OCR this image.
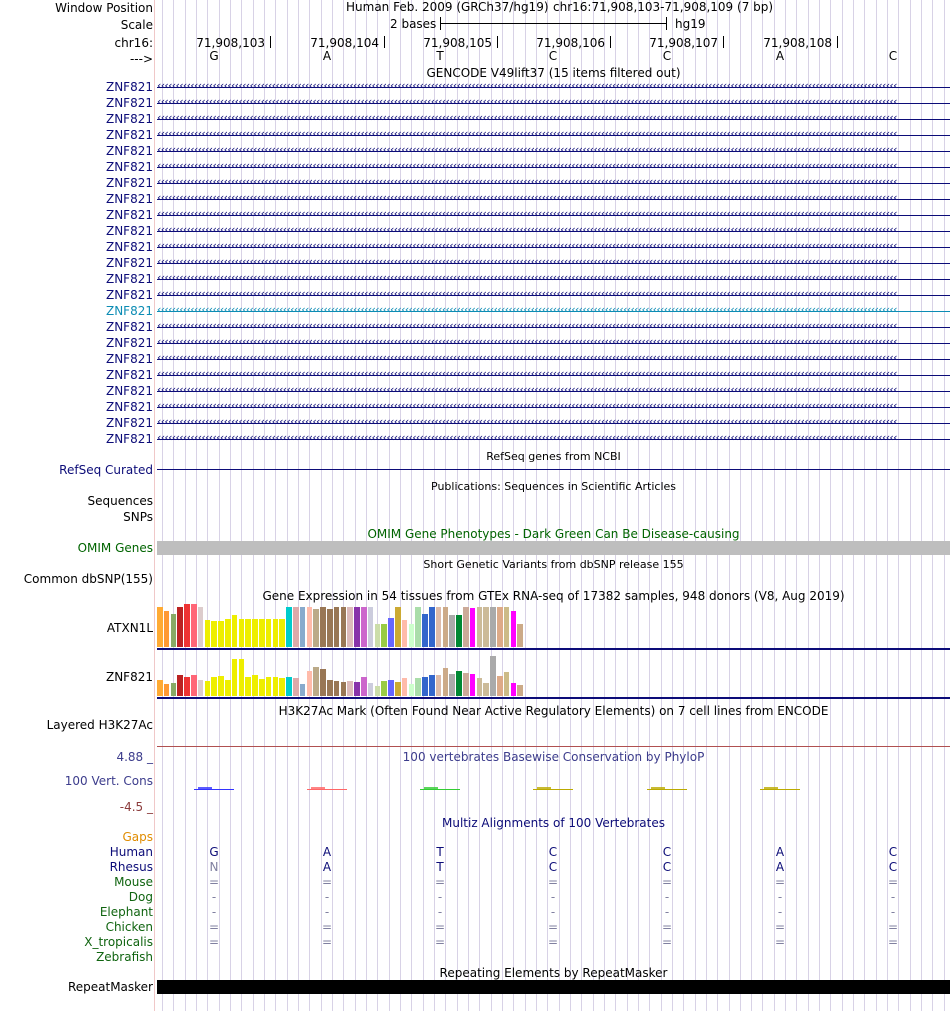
Window Position
Scale
chr16:
--->
Human Feb. 2009 (GRCh37/hg19) chr16:71,908,103-71,908,109 (7 bp)
2 bases	hg19
71,908,103	71,908,104	71,908,105	71,908,106	71,908,107	71,908,108
G	A	T	C	C	A	C
GENCODE V49lift37 (15 items filtered out)
ZNF821 ‹‹‹‹‹‹‹‹‹‹‹‹‹‹‹‹‹‹‹‹‹‹‹‹‹‹‹‹‹‹‹‹‹‹‹‹‹‹‹‹‹‹‹‹‹‹‹‹‹‹‹‹‹‹‹‹‹‹‹‹‹‹‹‹‹‹‹‹‹‹‹‹‹‹‹‹‹‹‹‹‹‹‹‹‹‹‹‹‹‹‹‹‹‹‹‹‹‹‹‹‹‹‹‹‹‹‹‹‹‹‹‹‹‹‹‹‹‹‹‹‹‹‹‹‹‹‹‹‹‹‹‹‹‹‹‹‹‹‹‹‹‹‹‹‹‹‹‹‹‹‹‹‹‹‹‹‹‹‹‹‹‹‹‹‹‹‹‹‹‹‹‹‹‹‹‹‹‹‹‹‹‹‹‹‹‹‹‹‹‹‹‹‹‹‹‹‹‹‹‹
ZNF821 ‹‹‹‹‹‹‹‹‹‹‹‹‹‹‹‹‹‹‹‹‹‹‹‹‹‹‹‹‹‹‹‹‹‹‹‹‹‹‹‹‹‹‹‹‹‹‹‹‹‹‹‹‹‹‹‹‹‹‹‹‹‹‹‹‹‹‹‹‹‹‹‹‹‹‹‹‹‹‹‹‹‹‹‹‹‹‹‹‹‹‹‹‹‹‹‹‹‹‹‹‹‹‹‹‹‹‹‹‹‹‹‹‹‹‹‹‹‹‹‹‹‹‹‹‹‹‹‹‹‹‹‹‹‹‹‹‹‹‹‹‹‹‹‹‹‹‹‹‹‹‹‹‹‹‹‹‹‹‹‹‹‹‹‹‹‹‹‹‹‹‹‹‹‹‹‹‹‹‹‹‹‹‹‹‹‹‹‹‹‹‹‹‹‹‹‹‹‹‹‹
ZNF821 ‹‹‹‹‹‹‹‹‹‹‹‹‹‹‹‹‹‹‹‹‹‹‹‹‹‹‹‹‹‹‹‹‹‹‹‹‹‹‹‹‹‹‹‹‹‹‹‹‹‹‹‹‹‹‹‹‹‹‹‹‹‹‹‹‹‹‹‹‹‹‹‹‹‹‹‹‹‹‹‹‹‹‹‹‹‹‹‹‹‹‹‹‹‹‹‹‹‹‹‹‹‹‹‹‹‹‹‹‹‹‹‹‹‹‹‹‹‹‹‹‹‹‹‹‹‹‹‹‹‹‹‹‹‹‹‹‹‹‹‹‹‹‹‹‹‹‹‹‹‹‹‹‹‹‹‹‹‹‹‹‹‹‹‹‹‹‹‹‹‹‹‹‹‹‹‹‹‹‹‹‹‹‹‹‹‹‹‹‹‹‹‹‹‹‹‹‹‹‹‹
ZNF821 ‹‹‹‹‹‹‹‹‹‹‹‹‹‹‹‹‹‹‹‹‹‹‹‹‹‹‹‹‹‹‹‹‹‹‹‹‹‹‹‹‹‹‹‹‹‹‹‹‹‹‹‹‹‹‹‹‹‹‹‹‹‹‹‹‹‹‹‹‹‹‹‹‹‹‹‹‹‹‹‹‹‹‹‹‹‹‹‹‹‹‹‹‹‹‹‹‹‹‹‹‹‹‹‹‹‹‹‹‹‹‹‹‹‹‹‹‹‹‹‹‹‹‹‹‹‹‹‹‹‹‹‹‹‹‹‹‹‹‹‹‹‹‹‹‹‹‹‹‹‹‹‹‹‹‹‹‹‹‹‹‹‹‹‹‹‹‹‹‹‹‹‹‹‹‹‹‹‹‹‹‹‹‹‹‹‹‹‹‹‹‹‹‹‹‹‹‹‹‹‹
ZNF821 ‹‹‹‹‹‹‹‹‹‹‹‹‹‹‹‹‹‹‹‹‹‹‹‹‹‹‹‹‹‹‹‹‹‹‹‹‹‹‹‹‹‹‹‹‹‹‹‹‹‹‹‹‹‹‹‹‹‹‹‹‹‹‹‹‹‹‹‹‹‹‹‹‹‹‹‹‹‹‹‹‹‹‹‹‹‹‹‹‹‹‹‹‹‹‹‹‹‹‹‹‹‹‹‹‹‹‹‹‹‹‹‹‹‹‹‹‹‹‹‹‹‹‹‹‹‹‹‹‹‹‹‹‹‹‹‹‹‹‹‹‹‹‹‹‹‹‹‹‹‹‹‹‹‹‹‹‹‹‹‹‹‹‹‹‹‹‹‹‹‹‹‹‹‹‹‹‹‹‹‹‹‹‹‹‹‹‹‹‹‹‹‹‹‹‹‹‹‹‹‹
ZNF821 ‹‹‹‹‹‹‹‹‹‹‹‹‹‹‹‹‹‹‹‹‹‹‹‹‹‹‹‹‹‹‹‹‹‹‹‹‹‹‹‹‹‹‹‹‹‹‹‹‹‹‹‹‹‹‹‹‹‹‹‹‹‹‹‹‹‹‹‹‹‹‹‹‹‹‹‹‹‹‹‹‹‹‹‹‹‹‹‹‹‹‹‹‹‹‹‹‹‹‹‹‹‹‹‹‹‹‹‹‹‹‹‹‹‹‹‹‹‹‹‹‹‹‹‹‹‹‹‹‹‹‹‹‹‹‹‹‹‹‹‹‹‹‹‹‹‹‹‹‹‹‹‹‹‹‹‹‹‹‹‹‹‹‹‹‹‹‹‹‹‹‹‹‹‹‹‹‹‹‹‹‹‹‹‹‹‹‹‹‹‹‹‹‹‹‹‹‹‹‹‹
ZNF821 ‹‹‹‹‹‹‹‹‹‹‹‹‹‹‹‹‹‹‹‹‹‹‹‹‹‹‹‹‹‹‹‹‹‹‹‹‹‹‹‹‹‹‹‹‹‹‹‹‹‹‹‹‹‹‹‹‹‹‹‹‹‹‹‹‹‹‹‹‹‹‹‹‹‹‹‹‹‹‹‹‹‹‹‹‹‹‹‹‹‹‹‹‹‹‹‹‹‹‹‹‹‹‹‹‹‹‹‹‹‹‹‹‹‹‹‹‹‹‹‹‹‹‹‹‹‹‹‹‹‹‹‹‹‹‹‹‹‹‹‹‹‹‹‹‹‹‹‹‹‹‹‹‹‹‹‹‹‹‹‹‹‹‹‹‹‹‹‹‹‹‹‹‹‹‹‹‹‹‹‹‹‹‹‹‹‹‹‹‹‹‹‹‹‹‹‹‹‹‹‹
ZNF821 ‹‹‹‹‹‹‹‹‹‹‹‹‹‹‹‹‹‹‹‹‹‹‹‹‹‹‹‹‹‹‹‹‹‹‹‹‹‹‹‹‹‹‹‹‹‹‹‹‹‹‹‹‹‹‹‹‹‹‹‹‹‹‹‹‹‹‹‹‹‹‹‹‹‹‹‹‹‹‹‹‹‹‹‹‹‹‹‹‹‹‹‹‹‹‹‹‹‹‹‹‹‹‹‹‹‹‹‹‹‹‹‹‹‹‹‹‹‹‹‹‹‹‹‹‹‹‹‹‹‹‹‹‹‹‹‹‹‹‹‹‹‹‹‹‹‹‹‹‹‹‹‹‹‹‹‹‹‹‹‹‹‹‹‹‹‹‹‹‹‹‹‹‹‹‹‹‹‹‹‹‹‹‹‹‹‹‹‹‹‹‹‹‹‹‹‹‹‹‹‹
ZNF821 ‹‹‹‹‹‹‹‹‹‹‹‹‹‹‹‹‹‹‹‹‹‹‹‹‹‹‹‹‹‹‹‹‹‹‹‹‹‹‹‹‹‹‹‹‹‹‹‹‹‹‹‹‹‹‹‹‹‹‹‹‹‹‹‹‹‹‹‹‹‹‹‹‹‹‹‹‹‹‹‹‹‹‹‹‹‹‹‹‹‹‹‹‹‹‹‹‹‹‹‹‹‹‹‹‹‹‹‹‹‹‹‹‹‹‹‹‹‹‹‹‹‹‹‹‹‹‹‹‹‹‹‹‹‹‹‹‹‹‹‹‹‹‹‹‹‹‹‹‹‹‹‹‹‹‹‹‹‹‹‹‹‹‹‹‹‹‹‹‹‹‹‹‹‹‹‹‹‹‹‹‹‹‹‹‹‹‹‹‹‹‹‹‹‹‹‹‹‹‹‹
ZNF821 ‹‹‹‹‹‹‹‹‹‹‹‹‹‹‹‹‹‹‹‹‹‹‹‹‹‹‹‹‹‹‹‹‹‹‹‹‹‹‹‹‹‹‹‹‹‹‹‹‹‹‹‹‹‹‹‹‹‹‹‹‹‹‹‹‹‹‹‹‹‹‹‹‹‹‹‹‹‹‹‹‹‹‹‹‹‹‹‹‹‹‹‹‹‹‹‹‹‹‹‹‹‹‹‹‹‹‹‹‹‹‹‹‹‹‹‹‹‹‹‹‹‹‹‹‹‹‹‹‹‹‹‹‹‹‹‹‹‹‹‹‹‹‹‹‹‹‹‹‹‹‹‹‹‹‹‹‹‹‹‹‹‹‹‹‹‹‹‹‹‹‹‹‹‹‹‹‹‹‹‹‹‹‹‹‹‹‹‹‹‹‹‹‹‹‹‹‹‹‹‹
ZNF821 ‹‹‹‹‹‹‹‹‹‹‹‹‹‹‹‹‹‹‹‹‹‹‹‹‹‹‹‹‹‹‹‹‹‹‹‹‹‹‹‹‹‹‹‹‹‹‹‹‹‹‹‹‹‹‹‹‹‹‹‹‹‹‹‹‹‹‹‹‹‹‹‹‹‹‹‹‹‹‹‹‹‹‹‹‹‹‹‹‹‹‹‹‹‹‹‹‹‹‹‹‹‹‹‹‹‹‹‹‹‹‹‹‹‹‹‹‹‹‹‹‹‹‹‹‹‹‹‹‹‹‹‹‹‹‹‹‹‹‹‹‹‹‹‹‹‹‹‹‹‹‹‹‹‹‹‹‹‹‹‹‹‹‹‹‹‹‹‹‹‹‹‹‹‹‹‹‹‹‹‹‹‹‹‹‹‹‹‹‹‹‹‹‹‹‹‹‹‹‹‹
ZNF821 ‹‹‹‹‹‹‹‹‹‹‹‹‹‹‹‹‹‹‹‹‹‹‹‹‹‹‹‹‹‹‹‹‹‹‹‹‹‹‹‹‹‹‹‹‹‹‹‹‹‹‹‹‹‹‹‹‹‹‹‹‹‹‹‹‹‹‹‹‹‹‹‹‹‹‹‹‹‹‹‹‹‹‹‹‹‹‹‹‹‹‹‹‹‹‹‹‹‹‹‹‹‹‹‹‹‹‹‹‹‹‹‹‹‹‹‹‹‹‹‹‹‹‹‹‹‹‹‹‹‹‹‹‹‹‹‹‹‹‹‹‹‹‹‹‹‹‹‹‹‹‹‹‹‹‹‹‹‹‹‹‹‹‹‹‹‹‹‹‹‹‹‹‹‹‹‹‹‹‹‹‹‹‹‹‹‹‹‹‹‹‹‹‹‹‹‹‹‹‹‹
ZNF821 ‹‹‹‹‹‹‹‹‹‹‹‹‹‹‹‹‹‹‹‹‹‹‹‹‹‹‹‹‹‹‹‹‹‹‹‹‹‹‹‹‹‹‹‹‹‹‹‹‹‹‹‹‹‹‹‹‹‹‹‹‹‹‹‹‹‹‹‹‹‹‹‹‹‹‹‹‹‹‹‹‹‹‹‹‹‹‹‹‹‹‹‹‹‹‹‹‹‹‹‹‹‹‹‹‹‹‹‹‹‹‹‹‹‹‹‹‹‹‹‹‹‹‹‹‹‹‹‹‹‹‹‹‹‹‹‹‹‹‹‹‹‹‹‹‹‹‹‹‹‹‹‹‹‹‹‹‹‹‹‹‹‹‹‹‹‹‹‹‹‹‹‹‹‹‹‹‹‹‹‹‹‹‹‹‹‹‹‹‹‹‹‹‹‹‹‹‹‹‹‹
ZNF821 ‹‹‹‹‹‹‹‹‹‹‹‹‹‹‹‹‹‹‹‹‹‹‹‹‹‹‹‹‹‹‹‹‹‹‹‹‹‹‹‹‹‹‹‹‹‹‹‹‹‹‹‹‹‹‹‹‹‹‹‹‹‹‹‹‹‹‹‹‹‹‹‹‹‹‹‹‹‹‹‹‹‹‹‹‹‹‹‹‹‹‹‹‹‹‹‹‹‹‹‹‹‹‹‹‹‹‹‹‹‹‹‹‹‹‹‹‹‹‹‹‹‹‹‹‹‹‹‹‹‹‹‹‹‹‹‹‹‹‹‹‹‹‹‹‹‹‹‹‹‹‹‹‹‹‹‹‹‹‹‹‹‹‹‹‹‹‹‹‹‹‹‹‹‹‹‹‹‹‹‹‹‹‹‹‹‹‹‹‹‹‹‹‹‹‹‹‹‹‹‹
ZNF821 ‹‹‹‹‹‹‹‹‹‹‹‹‹‹‹‹‹‹‹‹‹‹‹‹‹‹‹‹‹‹‹‹‹‹‹‹‹‹‹‹‹‹‹‹‹‹‹‹‹‹‹‹‹‹‹‹‹‹‹‹‹‹‹‹‹‹‹‹‹‹‹‹‹‹‹‹‹‹‹‹‹‹‹‹‹‹‹‹‹‹‹‹‹‹‹‹‹‹‹‹‹‹‹‹‹‹‹‹‹‹‹‹‹‹‹‹‹‹‹‹‹‹‹‹‹‹‹‹‹‹‹‹‹‹‹‹‹‹‹‹‹‹‹‹‹‹‹‹‹‹‹‹‹‹‹‹‹‹‹‹‹‹‹‹‹‹‹‹‹‹‹‹‹‹‹‹‹‹‹‹‹‹‹‹‹‹‹‹‹‹‹‹‹‹‹‹‹‹‹‹
ZNF821 ‹‹‹‹‹‹‹‹‹‹‹‹‹‹‹‹‹‹‹‹‹‹‹‹‹‹‹‹‹‹‹‹‹‹‹‹‹‹‹‹‹‹‹‹‹‹‹‹‹‹‹‹‹‹‹‹‹‹‹‹‹‹‹‹‹‹‹‹‹‹‹‹‹‹‹‹‹‹‹‹‹‹‹‹‹‹‹‹‹‹‹‹‹‹‹‹‹‹‹‹‹‹‹‹‹‹‹‹‹‹‹‹‹‹‹‹‹‹‹‹‹‹‹‹‹‹‹‹‹‹‹‹‹‹‹‹‹‹‹‹‹‹‹‹‹‹‹‹‹‹‹‹‹‹‹‹‹‹‹‹‹‹‹‹‹‹‹‹‹‹‹‹‹‹‹‹‹‹‹‹‹‹‹‹‹‹‹‹‹‹‹‹‹‹‹‹‹‹‹‹
ZNF821 ‹‹‹‹‹‹‹‹‹‹‹‹‹‹‹‹‹‹‹‹‹‹‹‹‹‹‹‹‹‹‹‹‹‹‹‹‹‹‹‹‹‹‹‹‹‹‹‹‹‹‹‹‹‹‹‹‹‹‹‹‹‹‹‹‹‹‹‹‹‹‹‹‹‹‹‹‹‹‹‹‹‹‹‹‹‹‹‹‹‹‹‹‹‹‹‹‹‹‹‹‹‹‹‹‹‹‹‹‹‹‹‹‹‹‹‹‹‹‹‹‹‹‹‹‹‹‹‹‹‹‹‹‹‹‹‹‹‹‹‹‹‹‹‹‹‹‹‹‹‹‹‹‹‹‹‹‹‹‹‹‹‹‹‹‹‹‹‹‹‹‹‹‹‹‹‹‹‹‹‹‹‹‹‹‹‹‹‹‹‹‹‹‹‹‹‹‹‹‹‹
ZNF821 ‹‹‹‹‹‹‹‹‹‹‹‹‹‹‹‹‹‹‹‹‹‹‹‹‹‹‹‹‹‹‹‹‹‹‹‹‹‹‹‹‹‹‹‹‹‹‹‹‹‹‹‹‹‹‹‹‹‹‹‹‹‹‹‹‹‹‹‹‹‹‹‹‹‹‹‹‹‹‹‹‹‹‹‹‹‹‹‹‹‹‹‹‹‹‹‹‹‹‹‹‹‹‹‹‹‹‹‹‹‹‹‹‹‹‹‹‹‹‹‹‹‹‹‹‹‹‹‹‹‹‹‹‹‹‹‹‹‹‹‹‹‹‹‹‹‹‹‹‹‹‹‹‹‹‹‹‹‹‹‹‹‹‹‹‹‹‹‹‹‹‹‹‹‹‹‹‹‹‹‹‹‹‹‹‹‹‹‹‹‹‹‹‹‹‹‹‹‹‹‹
ZNF821 ‹‹‹‹‹‹‹‹‹‹‹‹‹‹‹‹‹‹‹‹‹‹‹‹‹‹‹‹‹‹‹‹‹‹‹‹‹‹‹‹‹‹‹‹‹‹‹‹‹‹‹‹‹‹‹‹‹‹‹‹‹‹‹‹‹‹‹‹‹‹‹‹‹‹‹‹‹‹‹‹‹‹‹‹‹‹‹‹‹‹‹‹‹‹‹‹‹‹‹‹‹‹‹‹‹‹‹‹‹‹‹‹‹‹‹‹‹‹‹‹‹‹‹‹‹‹‹‹‹‹‹‹‹‹‹‹‹‹‹‹‹‹‹‹‹‹‹‹‹‹‹‹‹‹‹‹‹‹‹‹‹‹‹‹‹‹‹‹‹‹‹‹‹‹‹‹‹‹‹‹‹‹‹‹‹‹‹‹‹‹‹‹‹‹‹‹‹‹‹‹
ZNF821 ‹‹‹‹‹‹‹‹‹‹‹‹‹‹‹‹‹‹‹‹‹‹‹‹‹‹‹‹‹‹‹‹‹‹‹‹‹‹‹‹‹‹‹‹‹‹‹‹‹‹‹‹‹‹‹‹‹‹‹‹‹‹‹‹‹‹‹‹‹‹‹‹‹‹‹‹‹‹‹‹‹‹‹‹‹‹‹‹‹‹‹‹‹‹‹‹‹‹‹‹‹‹‹‹‹‹‹‹‹‹‹‹‹‹‹‹‹‹‹‹‹‹‹‹‹‹‹‹‹‹‹‹‹‹‹‹‹‹‹‹‹‹‹‹‹‹‹‹‹‹‹‹‹‹‹‹‹‹‹‹‹‹‹‹‹‹‹‹‹‹‹‹‹‹‹‹‹‹‹‹‹‹‹‹‹‹‹‹‹‹‹‹‹‹‹‹‹‹‹‹
ZNF821 ‹‹‹‹‹‹‹‹‹‹‹‹‹‹‹‹‹‹‹‹‹‹‹‹‹‹‹‹‹‹‹‹‹‹‹‹‹‹‹‹‹‹‹‹‹‹‹‹‹‹‹‹‹‹‹‹‹‹‹‹‹‹‹‹‹‹‹‹‹‹‹‹‹‹‹‹‹‹‹‹‹‹‹‹‹‹‹‹‹‹‹‹‹‹‹‹‹‹‹‹‹‹‹‹‹‹‹‹‹‹‹‹‹‹‹‹‹‹‹‹‹‹‹‹‹‹‹‹‹‹‹‹‹‹‹‹‹‹‹‹‹‹‹‹‹‹‹‹‹‹‹‹‹‹‹‹‹‹‹‹‹‹‹‹‹‹‹‹‹‹‹‹‹‹‹‹‹‹‹‹‹‹‹‹‹‹‹‹‹‹‹‹‹‹‹‹‹‹‹‹
ZNF821 ‹‹‹‹‹‹‹‹‹‹‹‹‹‹‹‹‹‹‹‹‹‹‹‹‹‹‹‹‹‹‹‹‹‹‹‹‹‹‹‹‹‹‹‹‹‹‹‹‹‹‹‹‹‹‹‹‹‹‹‹‹‹‹‹‹‹‹‹‹‹‹‹‹‹‹‹‹‹‹‹‹‹‹‹‹‹‹‹‹‹‹‹‹‹‹‹‹‹‹‹‹‹‹‹‹‹‹‹‹‹‹‹‹‹‹‹‹‹‹‹‹‹‹‹‹‹‹‹‹‹‹‹‹‹‹‹‹‹‹‹‹‹‹‹‹‹‹‹‹‹‹‹‹‹‹‹‹‹‹‹‹‹‹‹‹‹‹‹‹‹‹‹‹‹‹‹‹‹‹‹‹‹‹‹‹‹‹‹‹‹‹‹‹‹‹‹‹‹‹‹
ZNF821 ‹‹‹‹‹‹‹‹‹‹‹‹‹‹‹‹‹‹‹‹‹‹‹‹‹‹‹‹‹‹‹‹‹‹‹‹‹‹‹‹‹‹‹‹‹‹‹‹‹‹‹‹‹‹‹‹‹‹‹‹‹‹‹‹‹‹‹‹‹‹‹‹‹‹‹‹‹‹‹‹‹‹‹‹‹‹‹‹‹‹‹‹‹‹‹‹‹‹‹‹‹‹‹‹‹‹‹‹‹‹‹‹‹‹‹‹‹‹‹‹‹‹‹‹‹‹‹‹‹‹‹‹‹‹‹‹‹‹‹‹‹‹‹‹‹‹‹‹‹‹‹‹‹‹‹‹‹‹‹‹‹‹‹‹‹‹‹‹‹‹‹‹‹‹‹‹‹‹‹‹‹‹‹‹‹‹‹‹‹‹‹‹‹‹‹‹‹‹‹‹
RefSeq genes from NCBI
RefSeq Curated
Publications: Sequences in Scientific Articles
Sequences
SNPs
OMIM Gene Phenotypes - Dark Green Can Be Disease-causing
OMIM Genes
Short Genetic Variants from dbSNP release 155
Common dbSNP(155)
Gene Expression in 54 tissues from GTEx RNA-seq of 17382 samples, 948 donors (V8, Aug 2019)
ATXN1L
ZNF821
H3K27Ac Mark (Often Found Near Active Regulatory Elements) on 7 cell lines from ENCODE
Layered H3K27Ac
100 vertebrates Basewise Conservation by PhyloP
4.88 _
100 Vert. Cons
-4.5 _
Multiz Alignments of 100 Vertebrates
Gaps
Human	G	A	T	C	C	A	C
Rhesus	N	A	T	C	C	A	C
Mouse	=	=	=	=	=	=	=
Dog	-	-	-	-	-	-	-
Elephant	-	-	-	-	-	-	-
Chicken	=	=	=	=	=	=	=
X_tropicalis	=	=	=	=	=	=	=
Zebrafish
Repeating Elements by RepeatMasker
RepeatMasker
